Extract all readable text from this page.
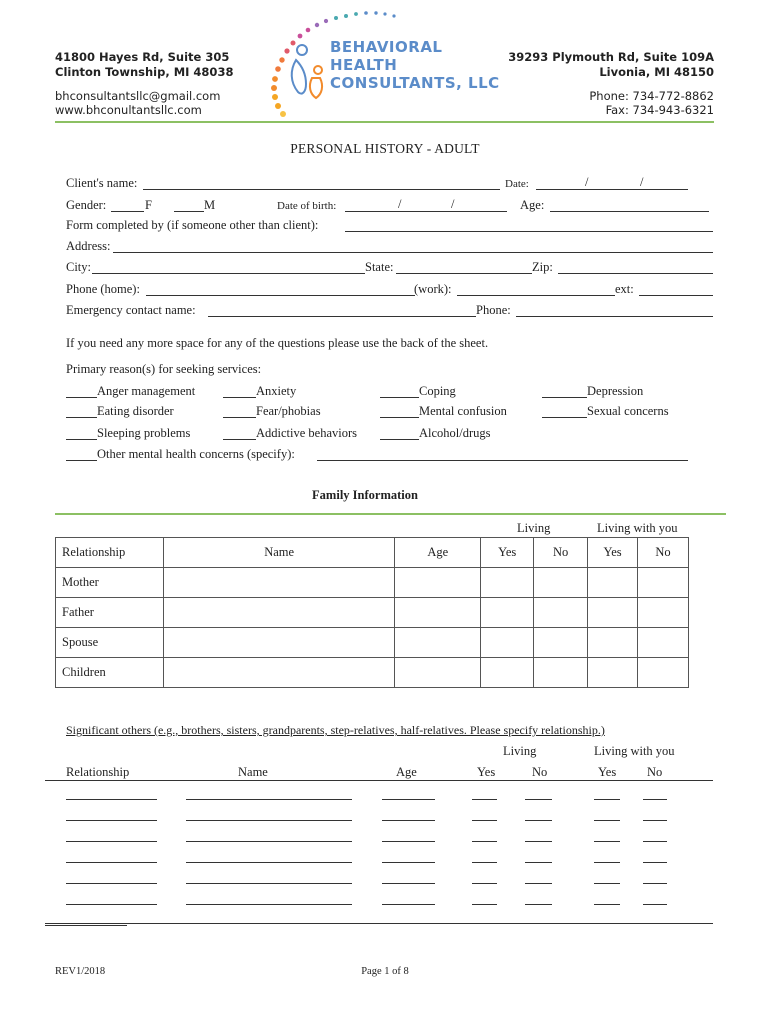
41800 Hayes Rd, Suite 305
Clinton Township, MI 48038
bhconsultantsllc@gmail.com
www.bhconultantsllc.com
39293 Plymouth Rd, Suite 109A
Livonia, MI 48150
Phone: 734-772-8862
Fax: 734-943-6321
BEHAVIORAL
HEALTH
CONSULTANTS, LLC
PERSONAL HISTORY - ADULT
Client's name:	Date:	/	/
Gender:	F	M	Date of birth:	/	/	Age:
Form completed by (if someone other than client):
Address:
City:	State:	Zip:
Phone (home):	(work):	ext:
Emergency contact name:	Phone:
If you need any more space for any of the questions please use the back of the sheet.
Primary reason(s) for seeking services:
Anger management	Anxiety	Coping	Depression
Eating disorder	Fear/phobias	Mental confusion	Sexual concerns
Sleeping problems	Addictive behaviors	Alcohol/drugs
Other mental health concerns (specify):
Family Information
Living	Living with you
Relationship	Name	Age	Yes	No	Yes	No
Mother						
Father						
Spouse						
Children						
Significant others (e.g., brothers, sisters, grandparents, step-relatives, half-relatives. Please specify relationship.)
Living	Living with you
Relationship	Name	Age	Yes	No	Yes No
REV1/2018	Page 1 of 8
